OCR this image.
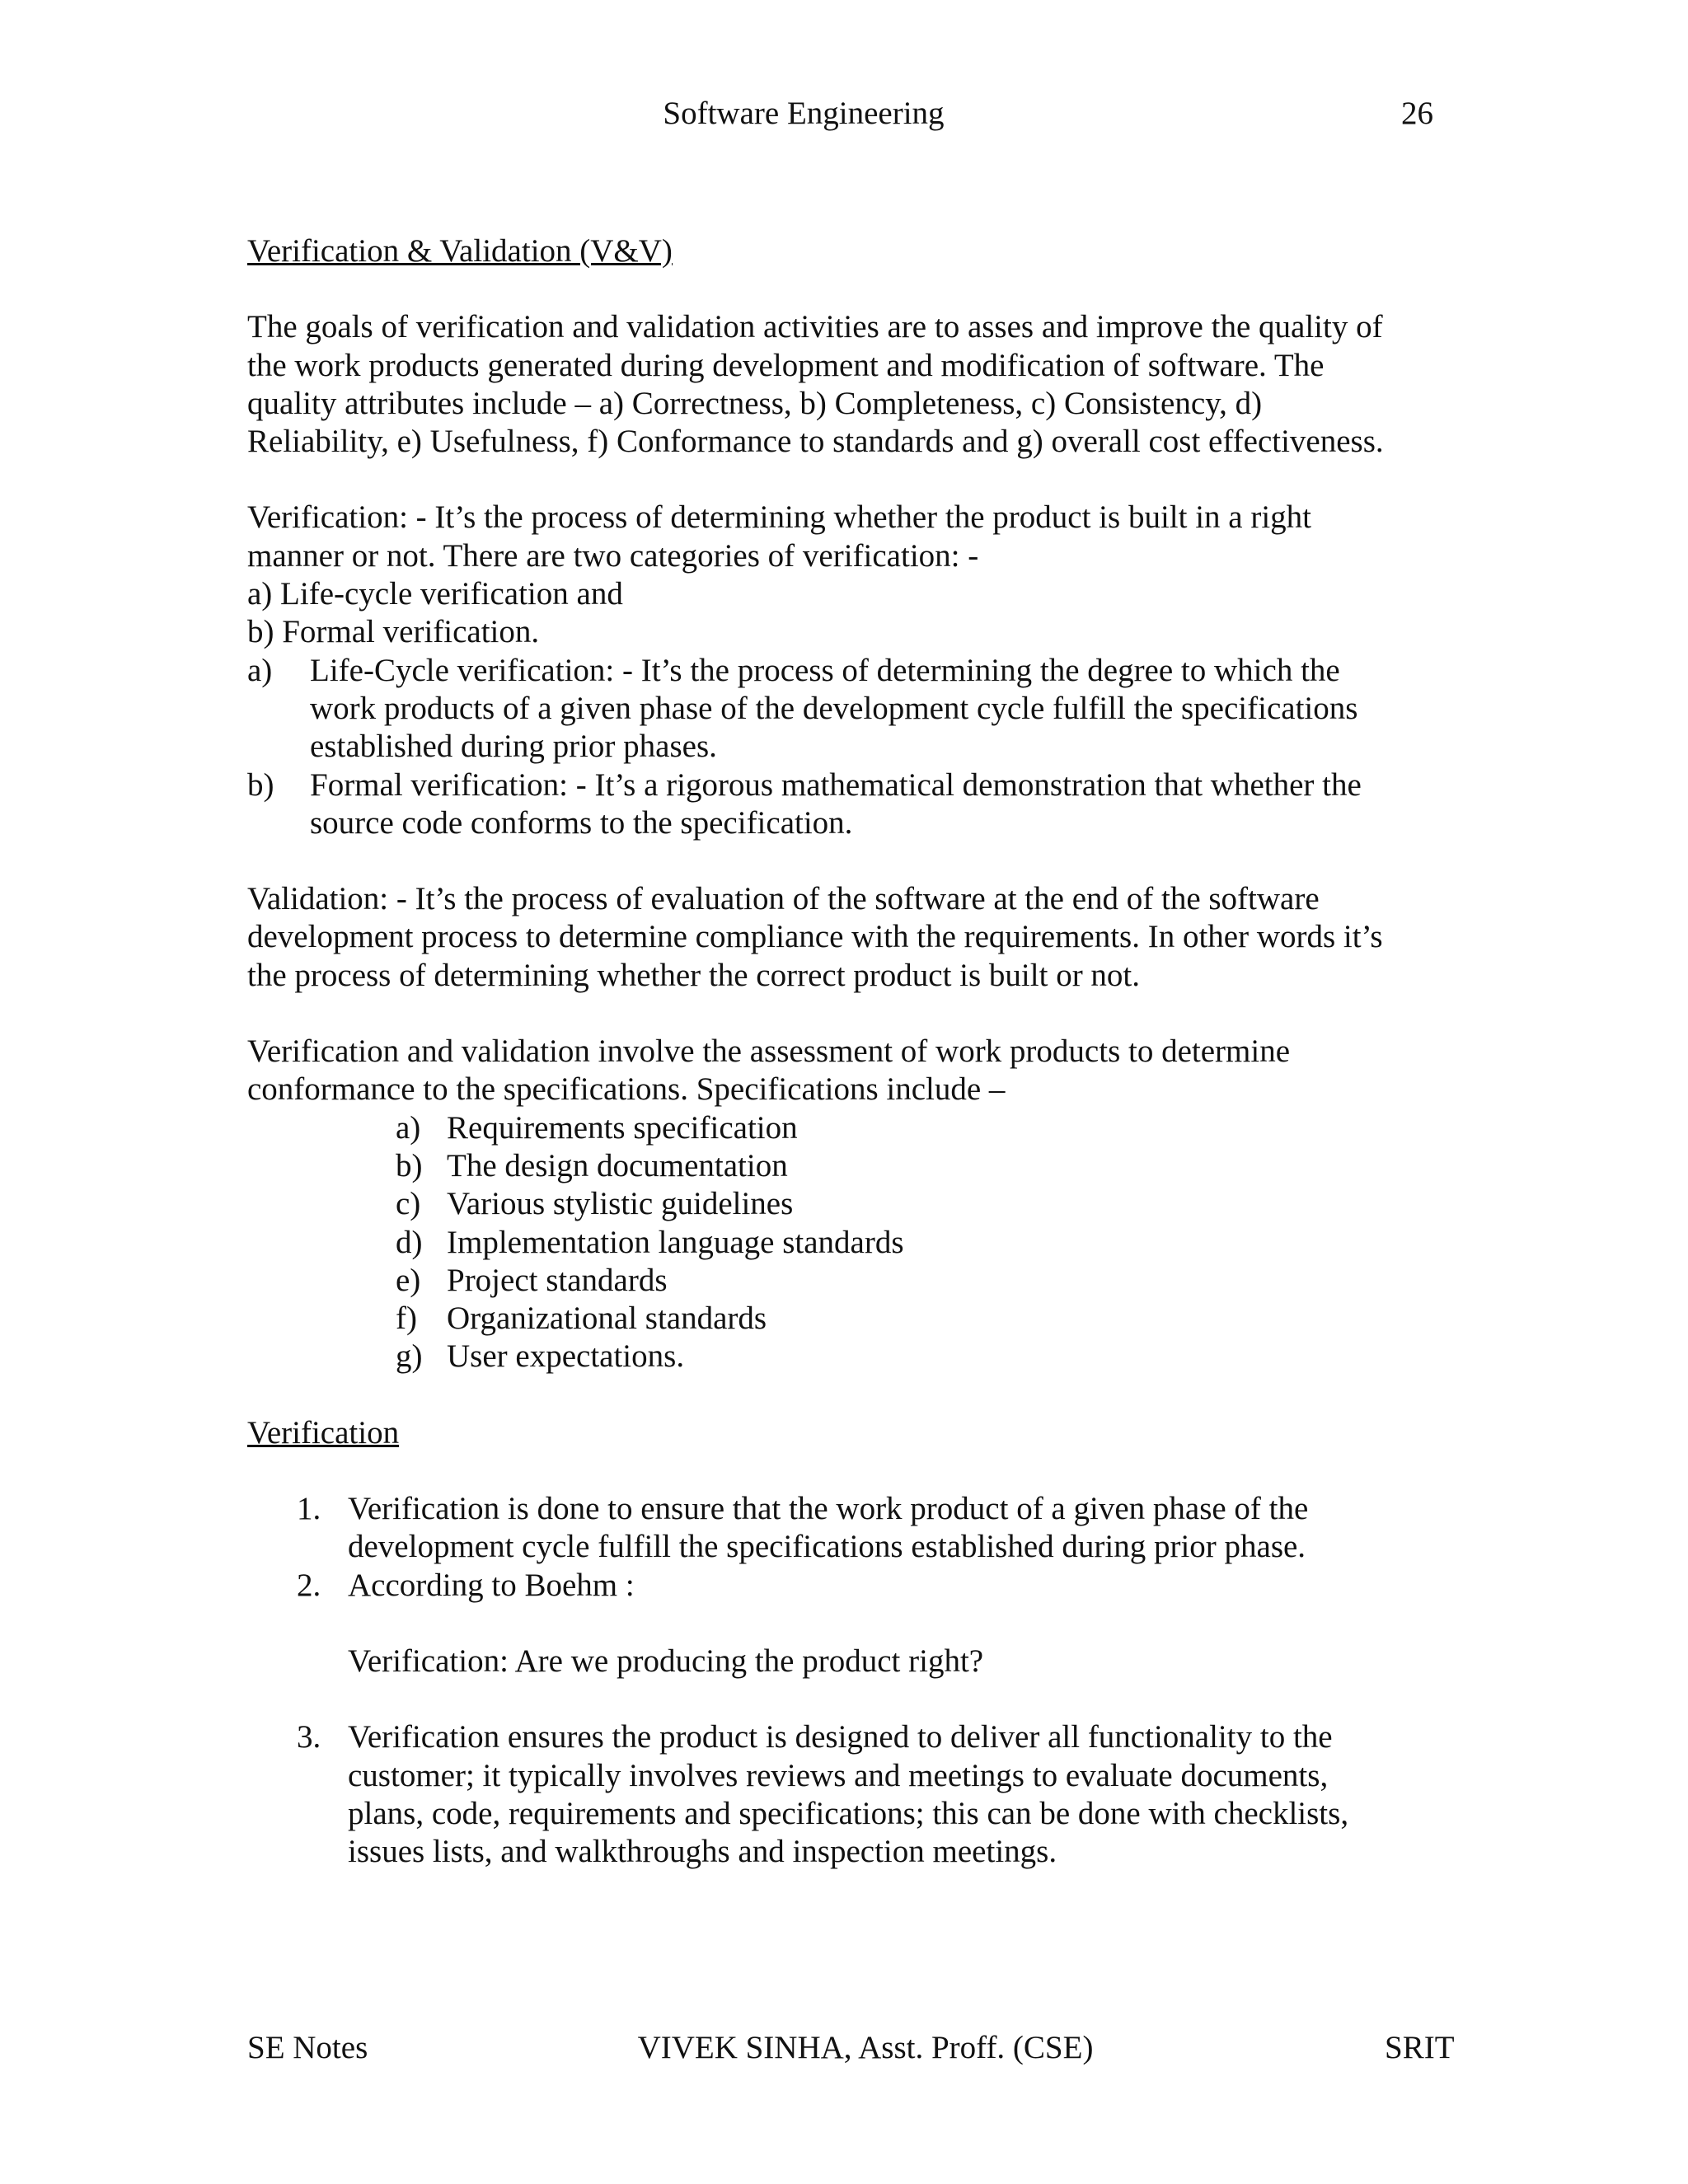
Software Engineering	26

Verification & Validation (V&V)

The goals of verification and validation activities are to asses and improve the quality of

the work products generated during development and modification of software. The

quality attributes include – a) Correctness, b) Completeness, c) Consistency, d)

Reliability, e) Usefulness, f) Conformance to standards and g) overall cost effectiveness.

Verification: - It’s the process of determining whether the product is built in a right

manner or not. There are two categories of verification: -

a) Life-cycle verification and

b) Formal verification.

a) Life-Cycle verification: - It’s the process of determining the degree to which the

work products of a given phase of the development cycle fulfill the specifications

established during prior phases.

b) Formal verification: - It’s a rigorous mathematical demonstration that whether the

source code conforms to the specification.

Validation: - It’s the process of evaluation of the software at the end of the software

development process to determine compliance with the requirements. In other words it’s

the process of determining whether the correct product is built or not.

Verification and validation involve the assessment of work products to determine

conformance to the specifications. Specifications include –

a) Requirements specification

b) The design documentation

c) Various stylistic guidelines

d) Implementation language standards

e) Project standards

f) Organizational standards

g) User expectations.

Verification

1. Verification is done to ensure that the work product of a given phase of the

development cycle fulfill the specifications established during prior phase.

2. According to Boehm :

Verification: Are we producing the product right?

3. Verification ensures the product is designed to deliver all functionality to the

customer; it typically involves reviews and meetings to evaluate documents,

plans, code, requirements and specifications; this can be done with checklists,

issues lists, and walkthroughs and inspection meetings.

SE Notes	VIVEK SINHA, Asst. Proff. (CSE)	SRIT
